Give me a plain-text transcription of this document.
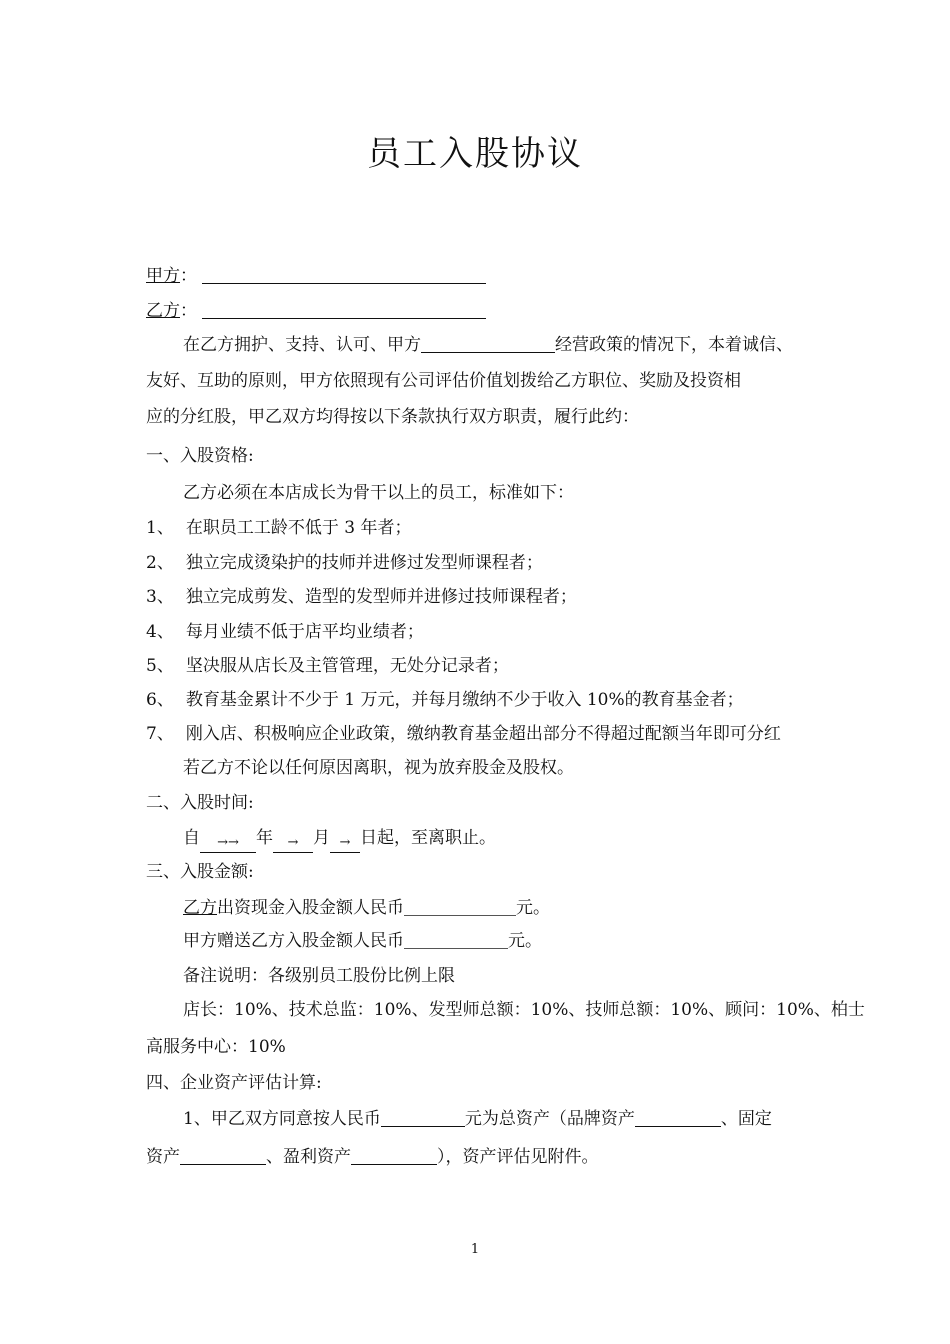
员工入股协议
甲方：
乙方：
在乙方拥护、支持、认可、甲方	经营政策的情况下，本着诚信、
友好、互助的原则，甲方依照现有公司评估价值划拨给乙方职位、奖励及投资相
应的分红股，甲乙双方均得按以下条款执行双方职责，履行此约：
一、入股资格:
乙方必须在本店成长为骨干以上的员工，标准如下：
1、 在职员工工龄不低于 3 年者；
2、 独立完成烫染护的技师并进修过发型师课程者；
3、 独立完成剪发、造型的发型师并进修过技师课程者；
4、 每月业绩不低于店平均业绩者；
5、 坚决服从店长及主管管理，无处分记录者；
6、 教育基金累计不少于 1 万元，并每月缴纳不少于收入 10%的教育基金者；
7、 刚入店、积极响应企业政策，缴纳教育基金超出部分不得超过配额当年即可分红
若乙方不论以任何原因离职，视为放弃股金及股权。
二、入股时间:
自 →→ 年 → 月 → 日起，至离职止。
三、入股金额:
乙方出资现金入股金额人民币	元。
甲方赠送乙方入股金额人民币	元。
备注说明：各级别员工股份比例上限
店长：10%、技术总监：10%、发型师总额：10%、技师总额：10%、顾问：10%、柏士
高服务中心：10%
四、企业资产评估计算:
1、甲乙双方同意按人民币	元为总资产（品牌资产	、固定
资产	、盈利资产	），资产评估见附件。
1
